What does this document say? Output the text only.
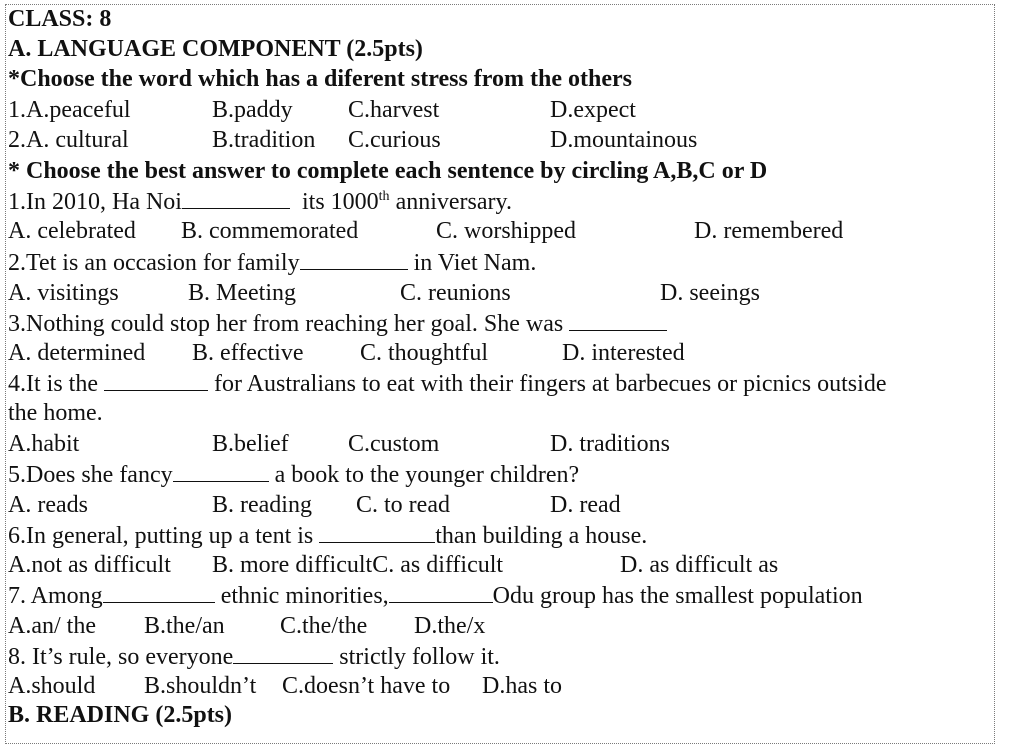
CLASS: 8
A. LANGUAGE COMPONENT (2.5pts)
*Choose the word which has a diferent stress from the others
1.A.peaceful	B.paddy C.harvest	D.expect
2.A. cultural	B.tradition C.curious	D.mountainous
* Choose the best answer to complete each sentence by circling A,B,C or D
1.In 2010, Ha Noi	its 1000th anniversary.
A. celebrated B. commemorated	C. worshipped	D. remembered
2.Tet is an occasion for family	in Viet Nam.
A. visitings	B. Meeting	C. reunions	D. seeings
3.Nothing could stop her from reaching her goal. She was
A. determined B. effective C. thoughtful	D. interested
4.It is the	for Australians to eat with their fingers at barbecues or picnics outside
the home.
A.habit	B.belief C.custom	D. traditions
5.Does she fancy	a book to the younger children?
A. reads	B. reading C. to read	D. read
6.In general, putting up a tent is	than building a house.
A.not as difficult B. more difficultC. as difficult	D. as difficult as
7. Among	ethnic minorities,	Odu group has the smallest population
A.an/ the B.the/an C.the/the D.the/x
8. It’s rule, so everyone	strictly follow it.
A.should B.shouldn’t C.doesn’t have to D.has to
B. READING (2.5pts)
